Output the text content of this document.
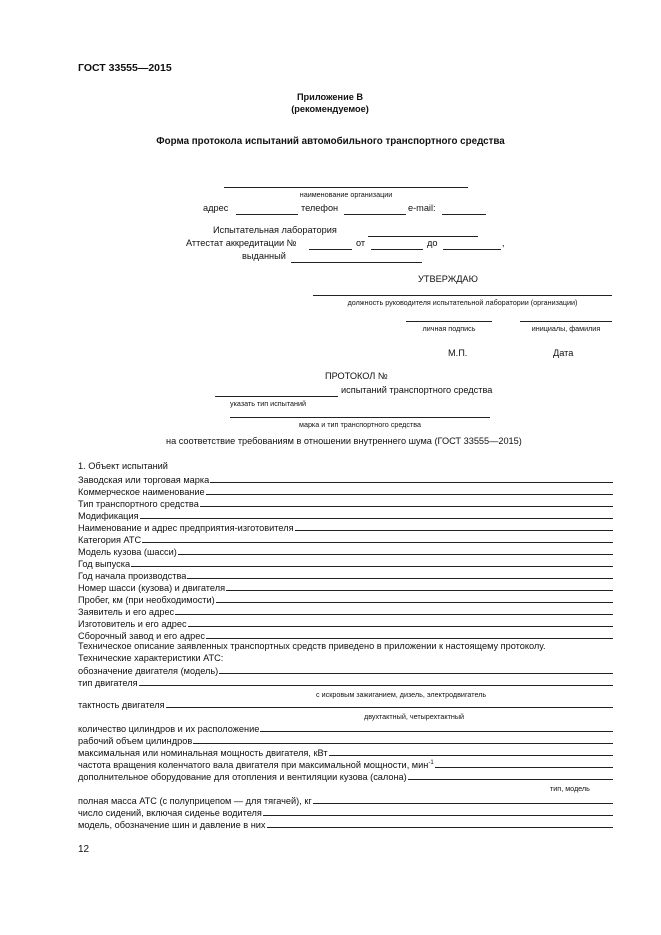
ГОСТ 33555—2015
Приложение В
(рекомендуемое)
Форма протокола испытаний автомобильного транспортного средства
наименование организации
адрес	телефон	e-mail:
Испытательная лаборатория
Аттестат аккредитации №	от	до	,
выданный
УТВЕРЖДАЮ
должность руководителя испытательной лаборатории (организации)
личная подпись	инициалы, фамилия
М.П.	Дата
ПРОТОКОЛ №
испытаний транспортного средства
указать тип испытаний
марка и тип транспортного средства
на соответствие требованиям в отношении внутреннего шума (ГОСТ 33555—2015)
1. Объект испытаний
Заводская или торговая марка
Коммерческое наименование
Тип транспортного средства
Модификация
Наименование и адрес предприятия-изготовителя
Категория АТС
Модель кузова (шасси)
Год выпуска
Год начала производства
Номер шасси (кузова) и двигателя
Пробег, км (при необходимости)
Заявитель и его адрес
Изготовитель и его адрес
Сборочный завод и его адрес
Техническое описание заявленных транспортных средств приведено в приложении к настоящему протоколу.
Технические характеристики АТС:
обозначение двигателя (модель)
тип двигателя
с искровым зажиганием, дизель, электродвигатель
тактность двигателя
двухтактный, четырехтактный
количество цилиндров и их расположение
рабочий объем цилиндров
максимальная или номинальная мощность двигателя, кВт
частота вращения коленчатого вала двигателя при максимальной мощности, мин$^{-1}$
дополнительное оборудование для отопления и вентиляции кузова (салона)
тип, модель
полная масса АТС (с полуприцепом — для тягачей), кг
число сидений, включая сиденье водителя
модель, обозначение шин и давление в них
12
